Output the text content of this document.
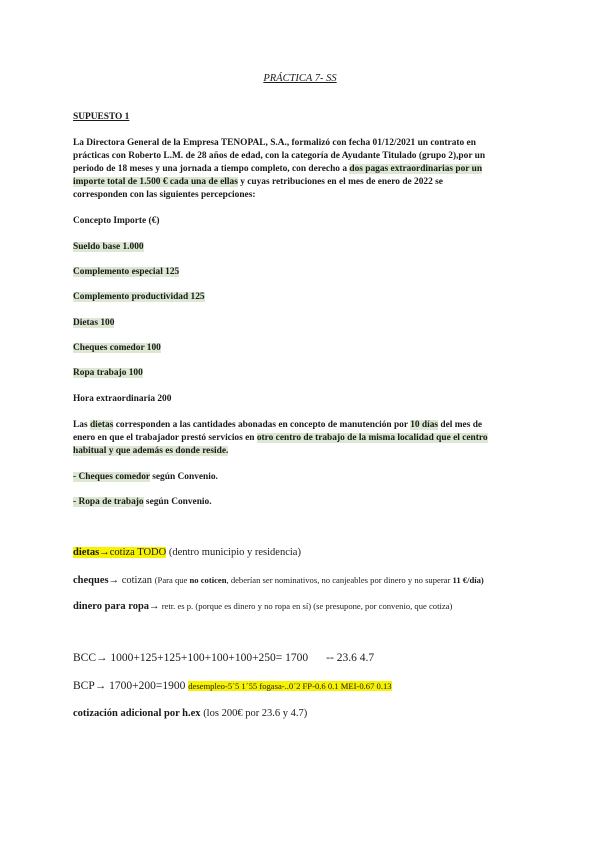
PRÁCTICA 7- SS
SUPUESTO 1
La Directora General de la Empresa TENOPAL, S.A., formalizó con fecha 01/12/2021 un contrato en
prácticas con Roberto L.M. de 28 años de edad, con la categoría de Ayudante Titulado (grupo 2),por un
periodo de 18 meses y una jornada a tiempo completo, con derecho a dos pagas extraordinarias por un
importe total de 1.500 € cada una de ellas y cuyas retribuciones en el mes de enero de 2022 se
corresponden con las siguientes percepciones:
Concepto Importe (€)
Sueldo base 1.000
Complemento especial 125
Complemento productividad 125
Dietas 100
Cheques comedor 100
Ropa trabajo 100
Hora extraordinaria 200
Las dietas corresponden a las cantidades abonadas en concepto de manutención por 10 días del mes de
enero en que el trabajador prestó servicios en otro centro de trabajo de la misma localidad que el centro
habitual y que además es donde reside.
- Cheques comedor según Convenio.
- Ropa de trabajo según Convenio.
dietas→cotiza TODO (dentro municipio y residencia)
cheques→ cotizan (Para que no coticen, deberían ser nominativos, no canjeables por dinero y no superar 11 €/día)
dinero para ropa→ retr. es p. (porque es dinero y no ropa en sí) (se presupone, por convenio, que cotiza)
BCC→ 1000+125+125+100+100+100+250= 1700 -- 23.6 4.7
BCP→ 1700+200=1900 desempleo-5´5 1´55 fogasa-..0´2 FP-0.6 0.1 MEI-0.67 0.13
cotización adicional por h.ex (los 200€ por 23.6 y 4.7)
